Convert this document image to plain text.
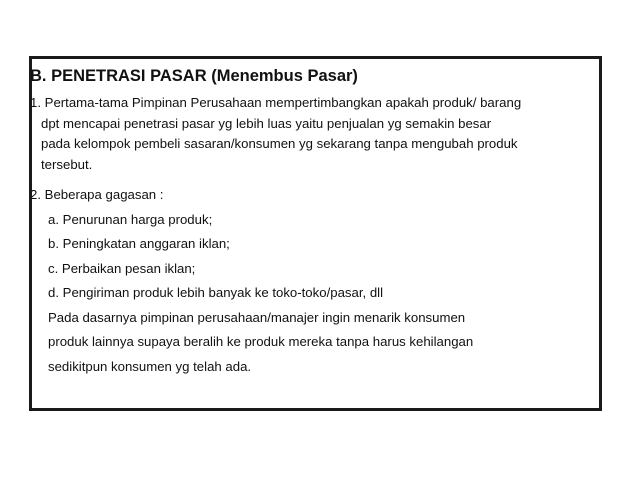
B. PENETRASI PASAR (Menembus Pasar)
1. Pertama-tama Pimpinan Perusahaan mempertimbangkan apakah produk/ barang
dpt mencapai penetrasi pasar yg lebih luas yaitu penjualan yg semakin besar
pada kelompok pembeli sasaran/konsumen yg sekarang tanpa mengubah produk
tersebut.
2. Beberapa gagasan :
a. Penurunan harga produk;
b. Peningkatan anggaran iklan;
c. Perbaikan pesan iklan;
d. Pengiriman produk lebih banyak ke toko-toko/pasar, dll
Pada dasarnya pimpinan perusahaan/manajer ingin menarik konsumen
produk lainnya supaya beralih ke produk mereka tanpa harus kehilangan
sedikitpun konsumen yg telah ada.
